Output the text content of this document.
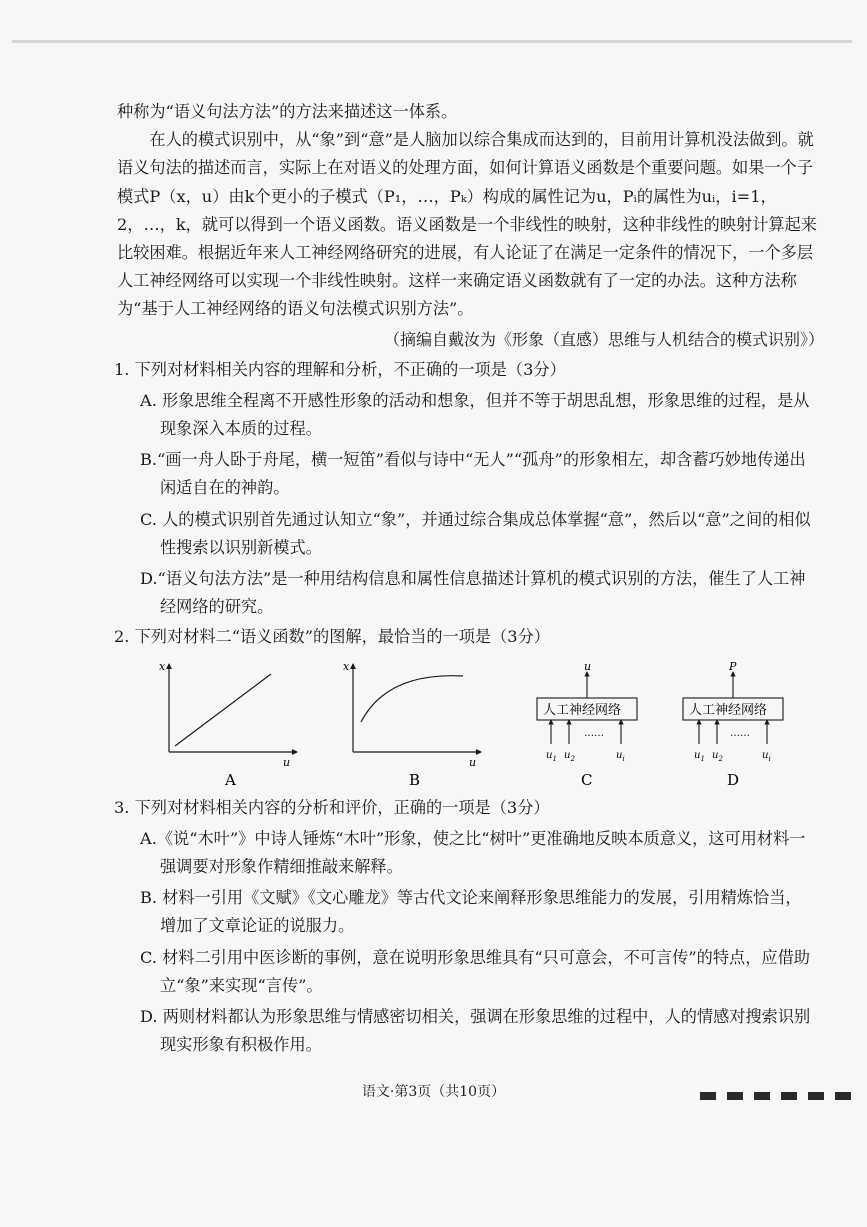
种称为“语义句法方法”的方法来描述这一体系。

在人的模式识别中，从“象”到“意”是人脑加以综合集成而达到的，目前用计算机没法做到。就语义句法的描述而言，实际上在对语义的处理方面，如何计算语义函数是个重要问题。如果一个子模式P（x，u）由k个更小的子模式（P₁，…，Pₖ）构成的属性记为u，Pᵢ的属性为uᵢ，i=1，2，…，k，就可以得到一个语义函数。语义函数是一个非线性的映射，这种非线性的映射计算起来比较困难。根据近年来人工神经网络研究的进展，有人论证了在满足一定条件的情况下，一个多层人工神经网络可以实现一个非线性映射。这样一来确定语义函数就有了一定的办法。这种方法称为“基于人工神经网络的语义句法模式识别方法”。

（摘编自戴汝为《形象（直感）思维与人机结合的模式识别》）

1. 下列对材料相关内容的理解和分析，不正确的一项是（3分）

A. 形象思维全程离不开感性形象的活动和想象，但并不等于胡思乱想，形象思维的过程，是从现象深入本质的过程。

B.“画一舟人卧于舟尾，横一短笛”看似与诗中“无人”“孤舟”的形象相左，却含蓄巧妙地传递出闲适自在的神韵。

C. 人的模式识别首先通过认知立“象”，并通过综合集成总体掌握“意”，然后以“意”之间的相似性搜索以识别新模式。

D.“语义句法方法”是一种用结构信息和属性信息描述计算机的模式识别的方法，催生了人工神经网络的研究。

2. 下列对材料二“语义函数”的图解，最恰当的一项是（3分）
x
u
A
x
u
B
u
人工神经网络
……
$u_1$ $u_2$	$u_i$
C
P
人工神经网络
……
$u_1$ $u_2$	$u_i$
D
3. 下列对材料相关内容的分析和评价，正确的一项是（3分）

A.《说“木叶”》中诗人锤炼“木叶”形象，使之比“树叶”更准确地反映本质意义，这可用材料一强调要对形象作精细推敲来解释。

B. 材料一引用《文赋》《文心雕龙》等古代文论来阐释形象思维能力的发展，引用精炼恰当，增加了文章论证的说服力。

C. 材料二引用中医诊断的事例，意在说明形象思维具有“只可意会，不可言传”的特点，应借助立“象”来实现“言传”。

D. 两则材料都认为形象思维与情感密切相关，强调在形象思维的过程中，人的情感对搜索识别现实形象有积极作用。

语文·第3页（共10页）
